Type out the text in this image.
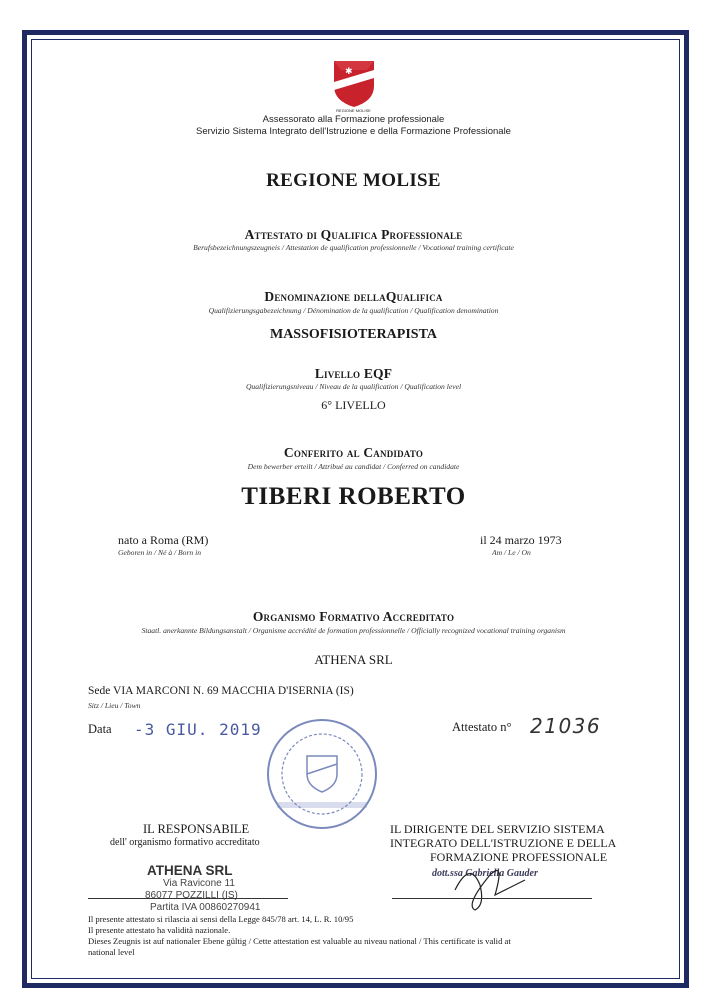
✱
REGIONE MOLISE
Assessorato alla Formazione professionale
Servizio Sistema Integrato dell'Istruzione e della Formazione Professionale
REGIONE MOLISE
Attestato di Qualifica Professionale
Berufsbezeichnungszeugneis / Attestation de qualification professionnelle / Vocational training certificate
Denominazione dellaQualifica
Qualifizierungsgabezeichnung / Dénomination de la qualification / Qualification denomination
MASSOFISIOTERAPISTA
Livello EQF
Qualifizierungsniveau / Niveau de la qualification / Qualification level
6° LIVELLO
Conferito al Candidato
Dem bewerber erteilt / Attribué au candidat / Conferred on candidate
TIBERI ROBERTO
nato a Roma (RM)
Geboren in / Né à / Born in
il 24 marzo 1973
Am / Le / On
Organismo Formativo Accreditato
Staatl. anerkannte Bildungsanstalt / Organisme accrédité de formation professionnelle / Officially recognized vocational training organism
ATHENA SRL
Sede VIA MARCONI N. 69 MACCHIA D'ISERNIA (IS)
Sitz / Lieu / Town
Data -3 GIU. 2019	Attestato n° 21036
IL RESPONSABILE
dell' organismo formativo accreditato
ATHENA SRL
Via Ravicone 11
86077 POZZILLI (IS)
Partita IVA 00860270941
IL DIRIGENTE DEL SERVIZIO SISTEMA
INTEGRATO DELL'ISTRUZIONE E DELLA
FORMAZIONE PROFESSIONALE
dott.ssa Gabriella Gauder
Il presente attestato si rilascia ai sensi della Legge 845/78 art. 14, L. R. 10/95
Il presente attestato ha validità nazionale.
Dieses Zeugnis ist auf nationaler Ebene gültig / Cette attestation est valuable au niveau national / This certificate is valid at
national level
